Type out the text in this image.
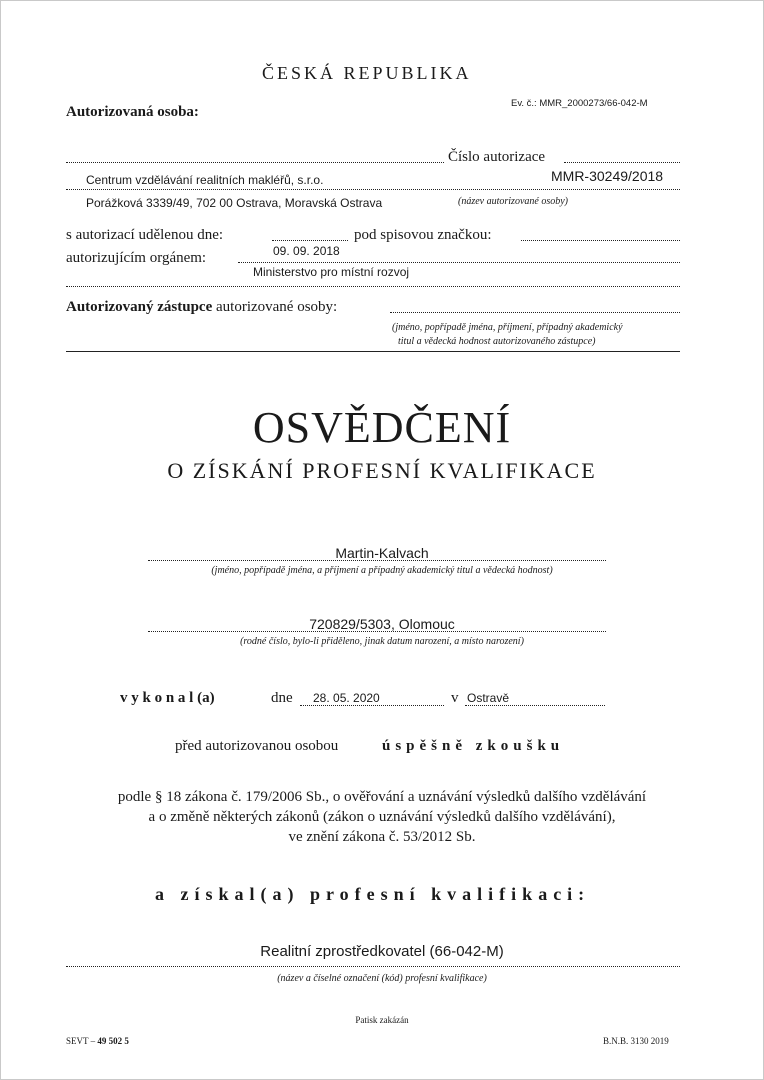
ČESKÁ REPUBLIKA
Autorizovaná osoba:
Ev. č.: MMR_2000273/66-042-M
Číslo autorizace
Centrum vzdělávání realitních makléřů, s.r.o.	MMR-30249/2018
Porážková 3339/49, 702 00 Ostrava, Moravská Ostrava	(název autorizované osoby)
s autorizací udělenou dne:	pod spisovou značkou:
09. 09. 2018
autorizujícím orgánem:
Ministerstvo pro místní rozvoj
Autorizovaný zástupce autorizované osoby:
(jméno, popřípadě jména, příjmení, případný akademický
titul a vědecká hodnost autorizovaného zástupce)
OSVĚDČENÍ
O ZÍSKÁNÍ PROFESNÍ KVALIFIKACE
Martin-Kalvach
(jméno, popřípadě jména, a příjmení a případný akademický titul a vědecká hodnost)
720829/5303, Olomouc
(rodné číslo, bylo-li přiděleno, jinak datum narození, a místo narození)
v y k o n a l (a)	dne 28. 05. 2020	v Ostravě
před autorizovanou osobou	úspěšně zkoušku
podle § 18 zákona č. 179/2006 Sb., o ověřování a uznávání výsledků dalšího vzdělávání
a o změně některých zákonů (zákon o uznávání výsledků dalšího vzdělávání),
ve znění zákona č. 53/2012 Sb.
a získal(a) profesní kvalifikaci:
Realitní zprostředkovatel (66-042-M)
(název a číselné označení (kód) profesní kvalifikace)
Patisk zakázán
SEVT – 49 502 5	B.N.B. 3130 2019
